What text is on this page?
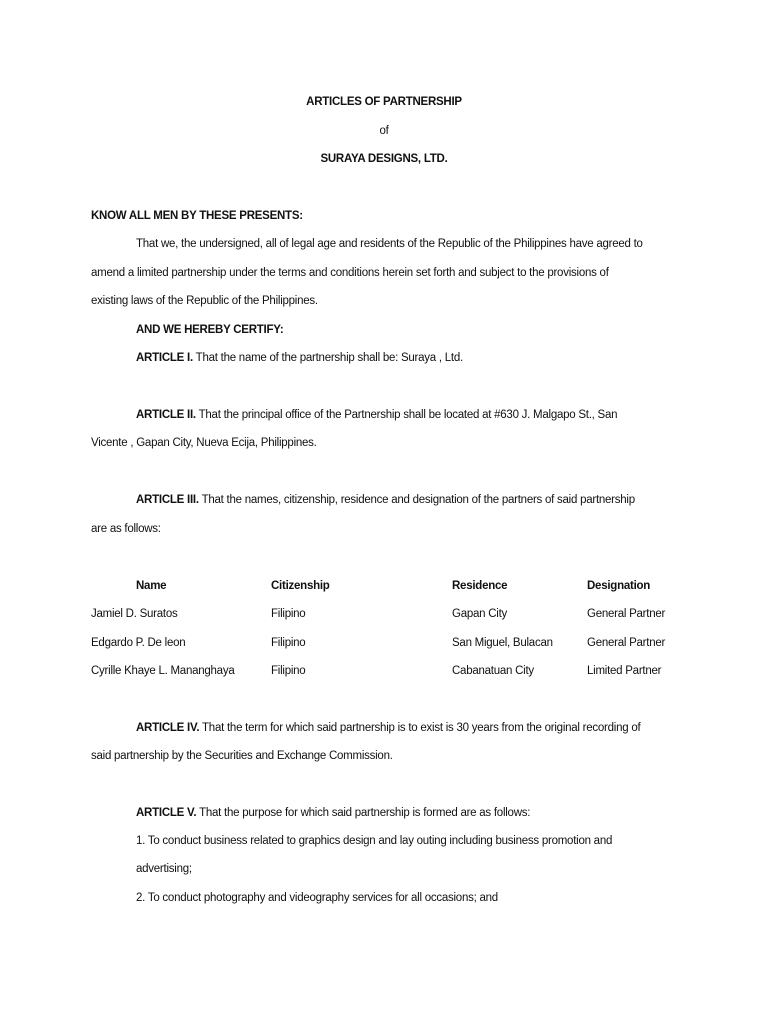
ARTICLES OF PARTNERSHIP
of
SURAYA DESIGNS, LTD.
KNOW ALL MEN BY THESE PRESENTS:
That we, the undersigned, all of legal age and residents of the Republic of the Philippines have agreed to
amend a limited partnership under the terms and conditions herein set forth and subject to the provisions of
existing laws of the Republic of the Philippines.
AND WE HEREBY CERTIFY:
ARTICLE I. That the name of the partnership shall be: Suraya , Ltd.
ARTICLE II. That the principal office of the Partnership shall be located at #630 J. Malgapo St., San
Vicente , Gapan City, Nueva Ecija, Philippines.
ARTICLE III. That the names, citizenship, residence and designation of the partners of said partnership
are as follows:
Name	Citizenship	Residence	Designation
Jamiel D. Suratos	Filipino	Gapan City	General Partner
Edgardo P. De leon	Filipino	San Miguel, Bulacan	General Partner
Cyrille Khaye L. Mananghaya	Filipino	Cabanatuan City	Limited Partner
ARTICLE IV. That the term for which said partnership is to exist is 30 years from the original recording of
said partnership by the Securities and Exchange Commission.
ARTICLE V. That the purpose for which said partnership is formed are as follows:
1. To conduct business related to graphics design and lay outing including business promotion and
advertising;
2. To conduct photography and videography services for all occasions; and
